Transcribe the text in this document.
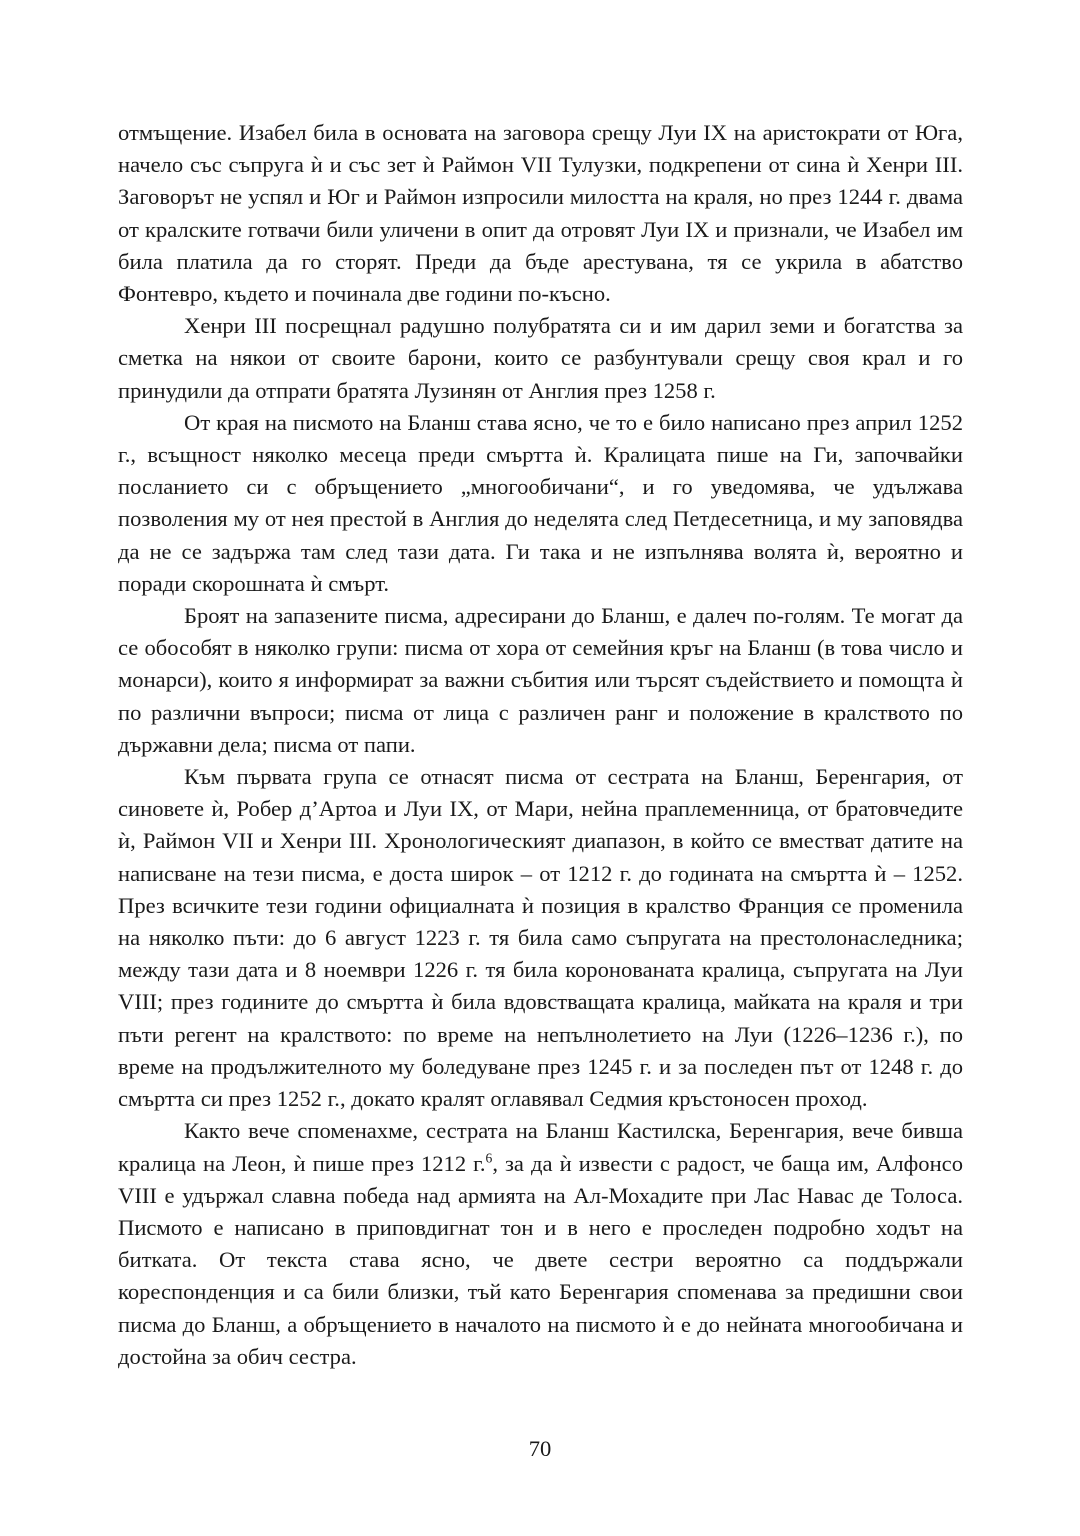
отмъщение. Изабел била в основата на заговора срещу Луи IX на аристократи от Юга, начело със съпруга ѝ и със зет ѝ Раймон VII Тулузки, подкрепени от сина ѝ Хенри III. Заговорът не успял и Юг и Раймон изпросили милостта на краля, но през 1244 г. двама от кралските готвачи били уличени в опит да отровят Луи IX и признали, че Изабел им била платила да го сторят. Преди да бъде арестувана, тя се укрила в абатство Фонтевро, където и починала две години по-късно.

Хенри III посрещнал радушно полубратята си и им дарил земи и богатства за сметка на някои от своите барони, които се разбунтували срещу своя крал и го принудили да отпрати братята Лузинян от Англия през 1258 г.

От края на писмото на Бланш става ясно, че то е било написано през април 1252 г., всъщност няколко месеца преди смъртта ѝ. Кралицата пише на Ги, започвайки посланието си с обръщението „многообичани“, и го уведомява, че удължава позволения му от нея престой в Англия до неделята след Петдесетница, и му заповядва да не се задържа там след тази дата. Ги така и не изпълнява волята ѝ, вероятно и поради скорошната ѝ смърт.

Броят на запазените писма, адресирани до Бланш, е далеч по-голям. Те могат да се обособят в няколко групи: писма от хора от семейния кръг на Бланш (в това число и монарси), които я информират за важни събития или търсят съдействието и помощта ѝ по различни въпроси; писма от лица с различен ранг и положение в кралството по държавни дела; писма от папи.

Към първата група се отнасят писма от сестрата на Бланш, Беренгария, от синовете ѝ, Робер д’Артоа и Луи IX, от Мари, нейна праплеменница, от братовчедите ѝ, Раймон VII и Хенри III. Хронологическият диапазон, в който се вместват датите на написване на тези писма, е доста широк – от 1212 г. до годината на смъртта ѝ – 1252. През всичките тези години официалната ѝ позиция в кралство Франция се променила на няколко пъти: до 6 август 1223 г. тя била само съпругата на престолонаследника; между тази дата и 8 ноември 1226 г. тя била коронованата кралица, съпругата на Луи VIII; през годините до смъртта ѝ била вдовстващата кралица, майката на краля и три пъти регент на кралството: по време на непълнолетието на Луи (1226–1236 г.), по време на продължителното му боледуване през 1245 г. и за последен път от 1248 г. до смъртта си през 1252 г., докато кралят оглавявал Седмия кръстоносен проход.

Както вече споменахме, сестрата на Бланш Кастилска, Беренгария, вече бивша кралица на Леон, ѝ пише през 1212 г.$^6$, за да ѝ извести с радост, че баща им, Алфонсо VIII е удържал славна победа над армията на Ал-Мохадите при Лас Навас де Толоса. Писмото е написано в приповдигнат тон и в него е проследен подробно ходът на битката. От текста става ясно, че двете сестри вероятно са поддържали кореспонденция и са били близки, тъй като Беренгария споменава за предишни свои писма до Бланш, а обръщението в началото на писмото ѝ е до нейната многообичана и достойна за обич сестра.

70
